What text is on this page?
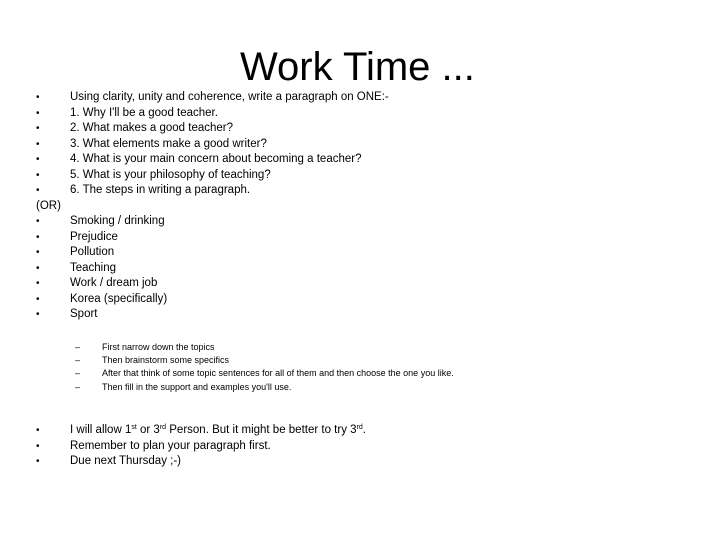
Work Time ...
•	Using clarity, unity and coherence, write a paragraph on ONE:-
•	1. Why I'll be a good teacher.
•	2. What makes a good teacher?
•	3. What elements make a good writer?
•	4. What is your main concern about becoming a teacher?
•	5. What is your philosophy of teaching?
•	6. The steps in writing a paragraph.
(OR)
•	Smoking / drinking
•	Prejudice
•	Pollution
•	Teaching
•	Work / dream job
•	Korea (specifically)
•	Sport
–	First narrow down the topics
–	Then brainstorm some specifics
–	After that think of some topic sentences for all of them and then choose the one you like.
–	Then fill in the support and examples you'll use.
•	I will allow 1st or 3rd Person. But it might be better to try 3rd.
•	Remember to plan your paragraph first.
•	Due next Thursday ;-)
